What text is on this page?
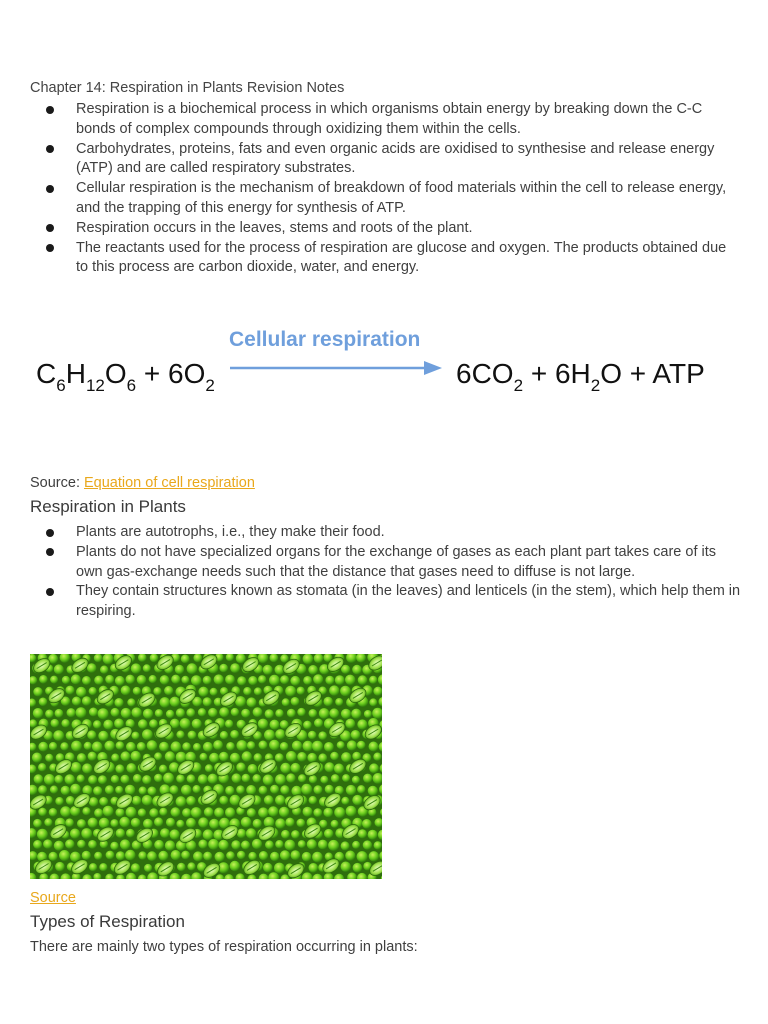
Chapter 14: Respiration in Plants Revision Notes
Respiration is a biochemical process in which organisms obtain energy by breaking down the C-C bonds of complex compounds through oxidizing them within the cells.
Carbohydrates, proteins, fats and even organic acids are oxidised to synthesise and release energy (ATP) and are called respiratory substrates.
Cellular respiration is the mechanism of breakdown of food materials within the cell to release energy, and the trapping of this energy for synthesis of ATP.
Respiration occurs in the leaves, stems and roots of the plant.
The reactants used for the process of respiration are glucose and oxygen. The products obtained due to this process are carbon dioxide, water, and energy.
Cellular respiration
$C_6H_{12}O_6 + 6O_2$	$6CO_2 + 6H_2O$ + ATP
Source: Equation of cell respiration
Respiration in Plants
Plants are autotrophs, i.e., they make their food.
Plants do not have specialized organs for the exchange of gases as each plant part takes care of its own gas-exchange needs such that the distance that gases need to diffuse is not large.
They contain structures known as stomata (in the leaves) and lenticels (in the stem), which help them in respiring.
Source
Types of Respiration
There are mainly two types of respiration occurring in plants:
